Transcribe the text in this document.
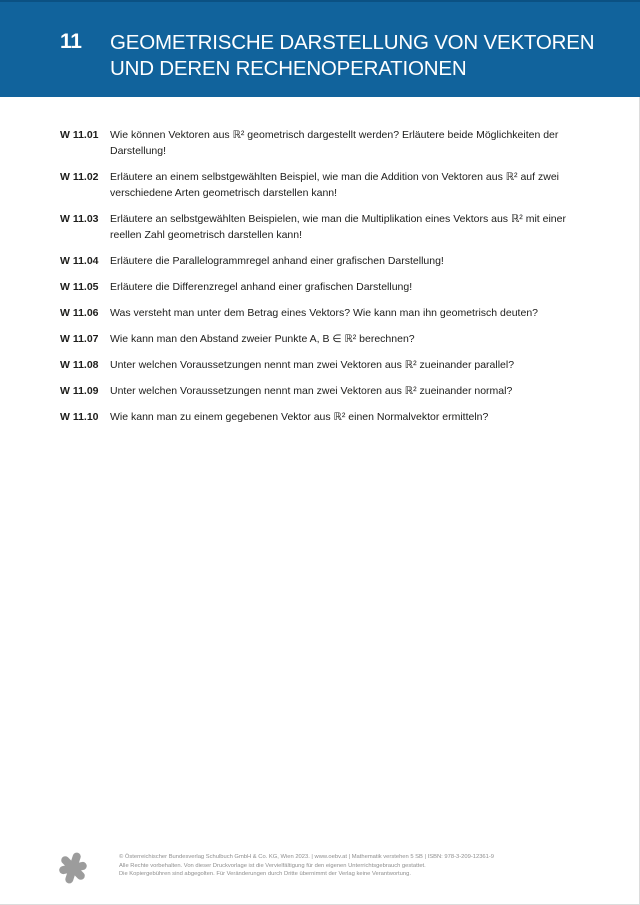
11 GEOMETRISCHE DARSTELLUNG VON VEKTOREN
UND DEREN RECHENOPERATIONEN
W 11.01	Wie können Vektoren aus ℝ² geometrisch dargestellt werden? Erläutere beide Möglichkeiten der Darstellung!
W 11.02	Erläutere an einem selbstgewählten Beispiel, wie man die Addition von Vektoren aus ℝ² auf zwei verschiedene Arten geometrisch darstellen kann!
W 11.03	Erläutere an selbstgewählten Beispielen, wie man die Multiplikation eines Vektors aus ℝ² mit einer reellen Zahl geometrisch darstellen kann!
W 11.04	Erläutere die Parallelogrammregel anhand einer grafischen Darstellung!
W 11.05	Erläutere die Differenzregel anhand einer grafischen Darstellung!
W 11.06	Was versteht man unter dem Betrag eines Vektors? Wie kann man ihn geometrisch deuten?
W 11.07	Wie kann man den Abstand zweier Punkte A, B ∈ ℝ² berechnen?
W 11.08	Unter welchen Voraussetzungen nennt man zwei Vektoren aus ℝ² zueinander parallel?
W 11.09	Unter welchen Voraussetzungen nennt man zwei Vektoren aus ℝ² zueinander normal?
W 11.10	Wie kann man zu einem gegebenen Vektor aus ℝ² einen Normalvektor ermitteln?
© Österreichischer Bundesverlag Schulbuch GmbH & Co. KG, Wien 2023. | www.oebv.at | Mathematik verstehen 5 SB | ISBN: 978-3-209-12361-9
Alle Rechte vorbehalten. Von dieser Druckvorlage ist die Vervielfältigung für den eigenen Unterrichtsgebrauch gestattet.
Die Kopiergebühren sind abgegolten. Für Veränderungen durch Dritte übernimmt der Verlag keine Verantwortung.
